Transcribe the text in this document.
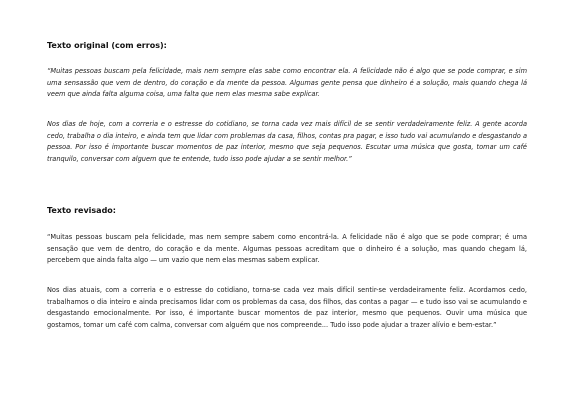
Texto original (com erros):

“Muitas pessoas buscam pela felicidade, mais nem sempre elas sabe como encontrar ela. A felicidade não é algo que se pode comprar, e sim uma sensassão que vem de dentro, do coração e da mente da pessoa. Algumas gente pensa que dinheiro é a solução, mais quando chega lá veem que ainda falta alguma coisa, uma falta que nem elas mesma sabe explicar.

Nos dias de hoje, com a correria e o estresse do cotidiano, se torna cada vez mais difícil de se sentir verdadeiramente feliz. A gente acorda cedo, trabalha o dia inteiro, e ainda tem que lidar com problemas da casa, filhos, contas pra pagar, e isso tudo vai acumulando e desgastando a pessoa. Por isso é importante buscar momentos de paz interior, mesmo que seja pequenos. Escutar uma música que gosta, tomar um café tranquilo, conversar com alguem que te entende, tudo isso pode ajudar a se sentir melhor.”

Texto revisado:

“Muitas pessoas buscam pela felicidade, mas nem sempre sabem como encontrá-la. A felicidade não é algo que se pode comprar; é uma sensação que vem de dentro, do coração e da mente. Algumas pessoas acreditam que o dinheiro é a solução, mas quando chegam lá, percebem que ainda falta algo — um vazio que nem elas mesmas sabem explicar.

Nos dias atuais, com a correria e o estresse do cotidiano, torna-se cada vez mais difícil sentir-se verdadeiramente feliz. Acordamos cedo, trabalhamos o dia inteiro e ainda precisamos lidar com os problemas da casa, dos filhos, das contas a pagar — e tudo isso vai se acumulando e desgastando emocionalmente. Por isso, é importante buscar momentos de paz interior, mesmo que pequenos. Ouvir uma música que gostamos, tomar um café com calma, conversar com alguém que nos compreende... Tudo isso pode ajudar a trazer alívio e bem-estar.”
